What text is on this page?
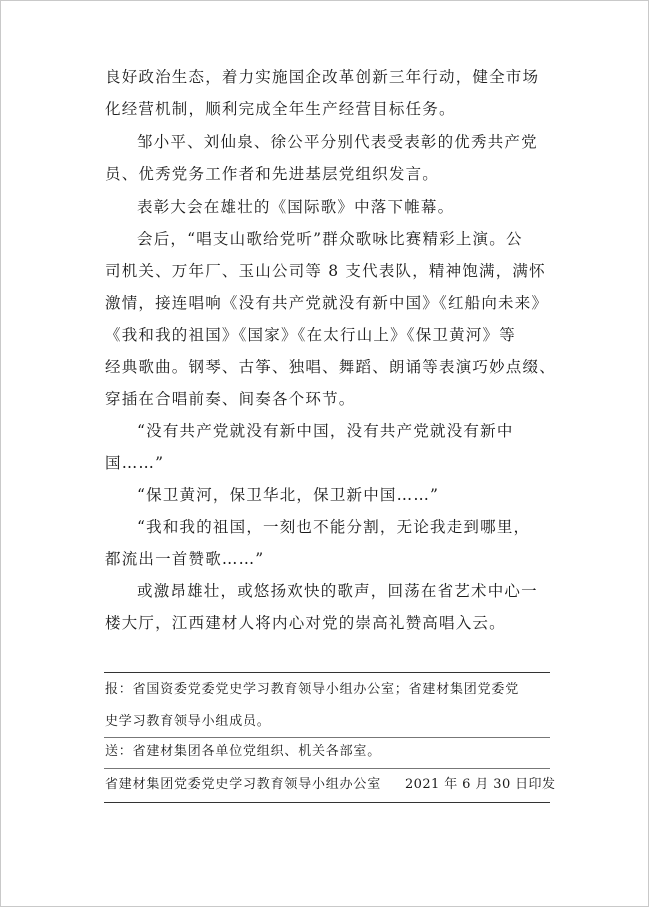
良好政治生态，着力实施国企改革创新三年行动，健全市场
化经营机制，顺利完成全年生产经营目标任务。
邹小平、刘仙泉、徐公平分别代表受表彰的优秀共产党
员、优秀党务工作者和先进基层党组织发言。
表彰大会在雄壮的《国际歌》中落下帷幕。
会后，“唱支山歌给党听”群众歌咏比赛精彩上演。公
司机关、万年厂、玉山公司等 8 支代表队，精神饱满，满怀
激情，接连唱响《没有共产党就没有新中国》《红船向未来》
《我和我的祖国》《国家》《在太行山上》《保卫黄河》等
经典歌曲。钢琴、古筝、独唱、舞蹈、朗诵等表演巧妙点缀、
穿插在合唱前奏、间奏各个环节。
“没有共产党就没有新中国，没有共产党就没有新中
国……”
“保卫黄河，保卫华北，保卫新中国……”
“我和我的祖国，一刻也不能分割，无论我走到哪里，
都流出一首赞歌……”
或激昂雄壮，或悠扬欢快的歌声，回荡在省艺术中心一
楼大厅，江西建材人将内心对党的崇高礼赞高唱入云。
报：省国资委党委党史学习教育领导小组办公室；省建材集团党委党
史学习教育领导小组成员。
送：省建材集团各单位党组织、机关各部室。
省建材集团党委党史学习教育领导小组办公室 2021 年 6 月 30 日印发
